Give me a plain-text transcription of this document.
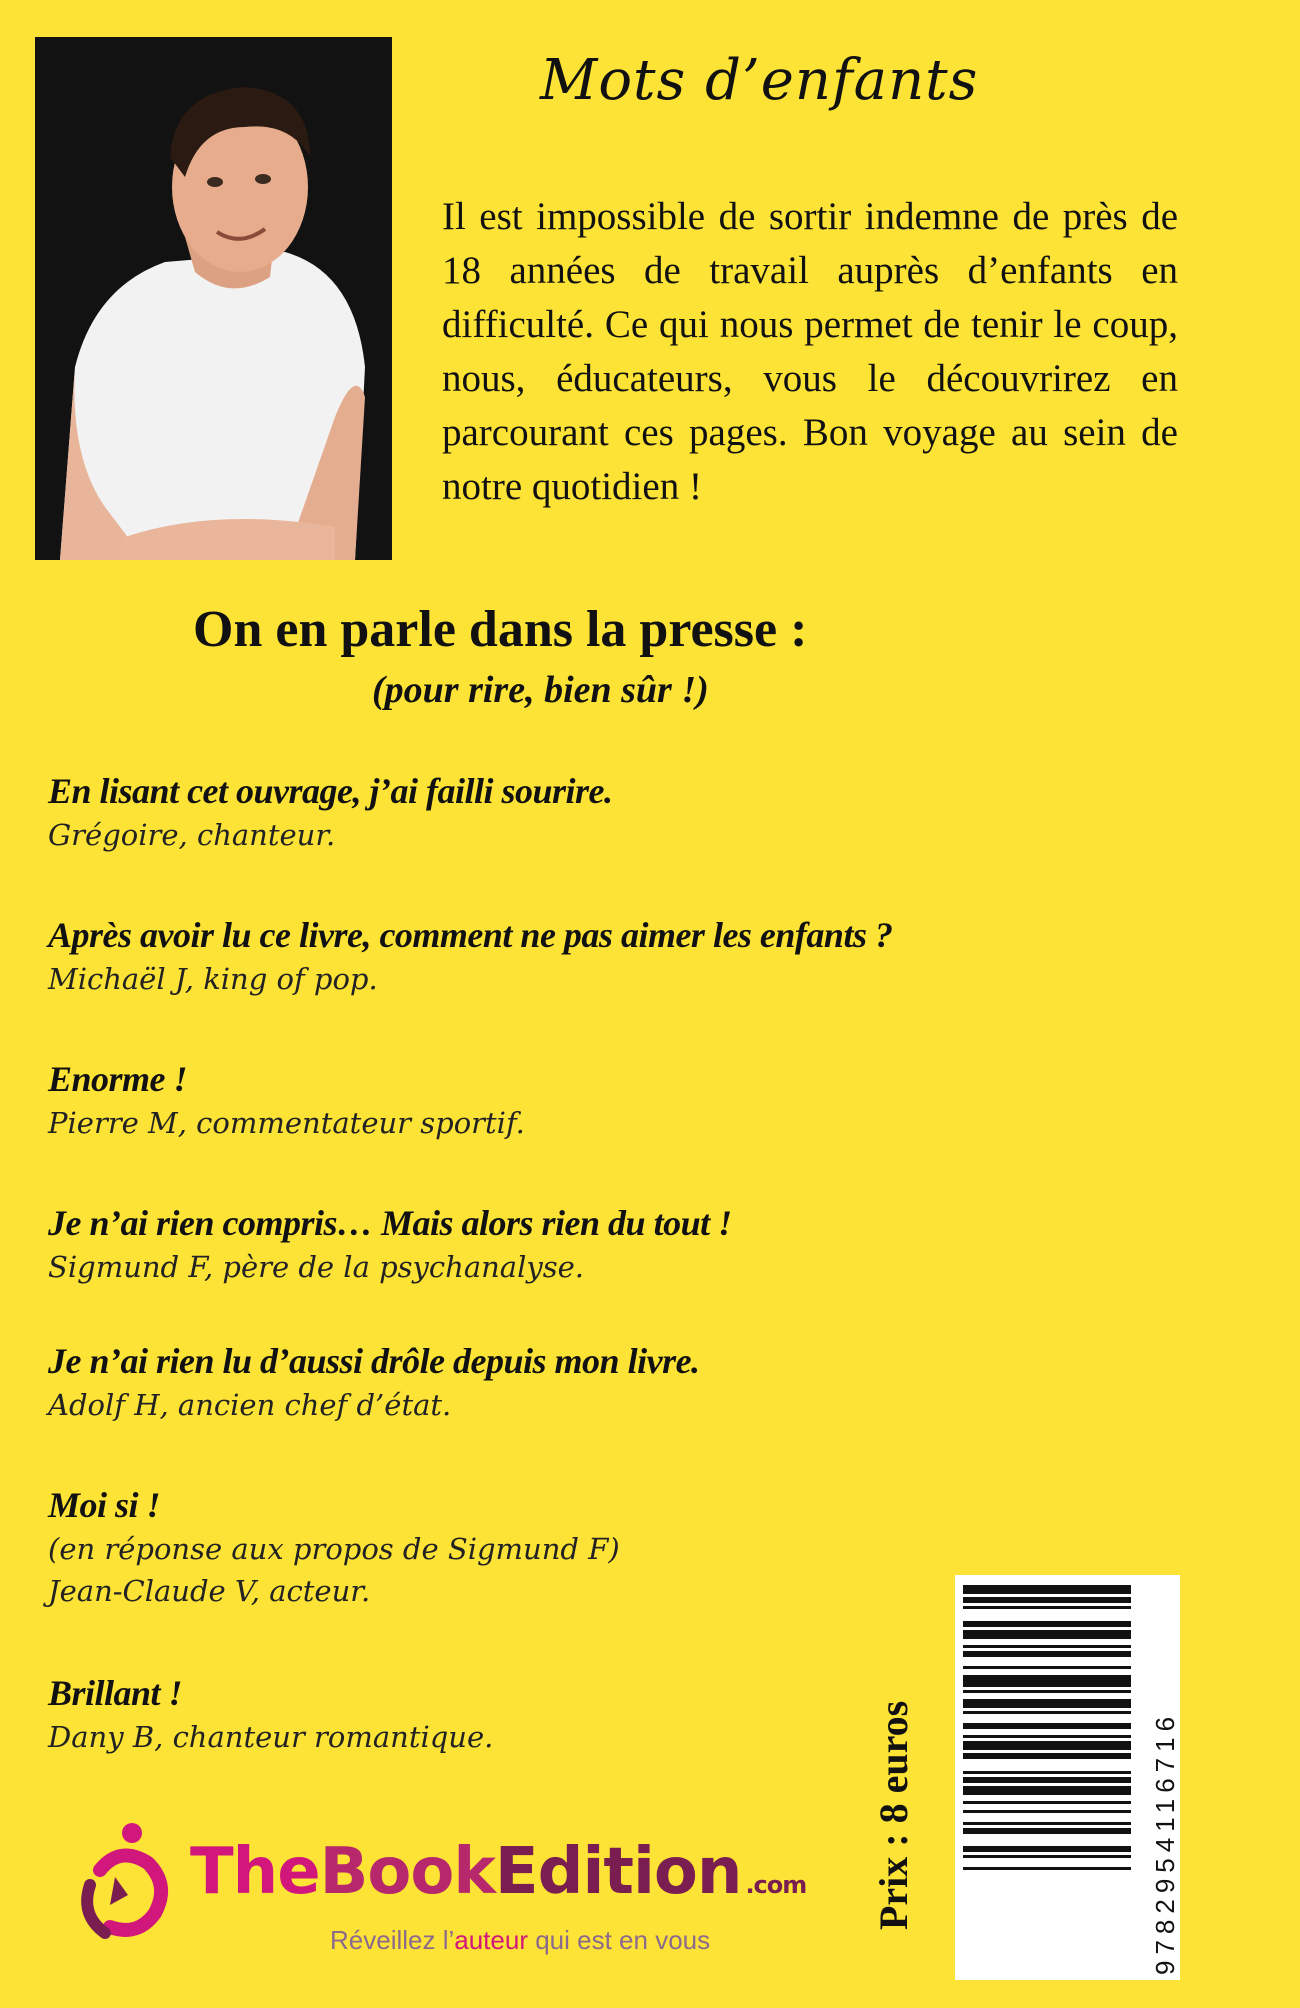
Mots d’enfants
Il est impossible de sortir indemne de près de 18 années de travail auprès d’enfants en difficulté. Ce qui nous permet de tenir le coup, nous, éducateurs, vous le découvrirez en parcourant ces pages. Bon voyage au sein de notre quotidien !
On en parle dans la presse :
(pour rire, bien sûr !)
En lisant cet ouvrage, j’ai failli sourire.
Grégoire, chanteur.
Après avoir lu ce livre, comment ne pas aimer les enfants ?
Michaël J, king of pop.
Enorme !
Pierre M, commentateur sportif.
Je n’ai rien compris… Mais alors rien du tout !
Sigmund F, père de la psychanalyse.
Je n’ai rien lu d’aussi drôle depuis mon livre.
Adolf H, ancien chef d’état.
Moi si !
(en réponse aux propos de Sigmund F)
Jean-Claude V, acteur.
Brillant !
Dany B, chanteur romantique.
TheBookEdition .com
Réveillez l’auteur qui est en vous
Prix : 8 euros	9782954116716
